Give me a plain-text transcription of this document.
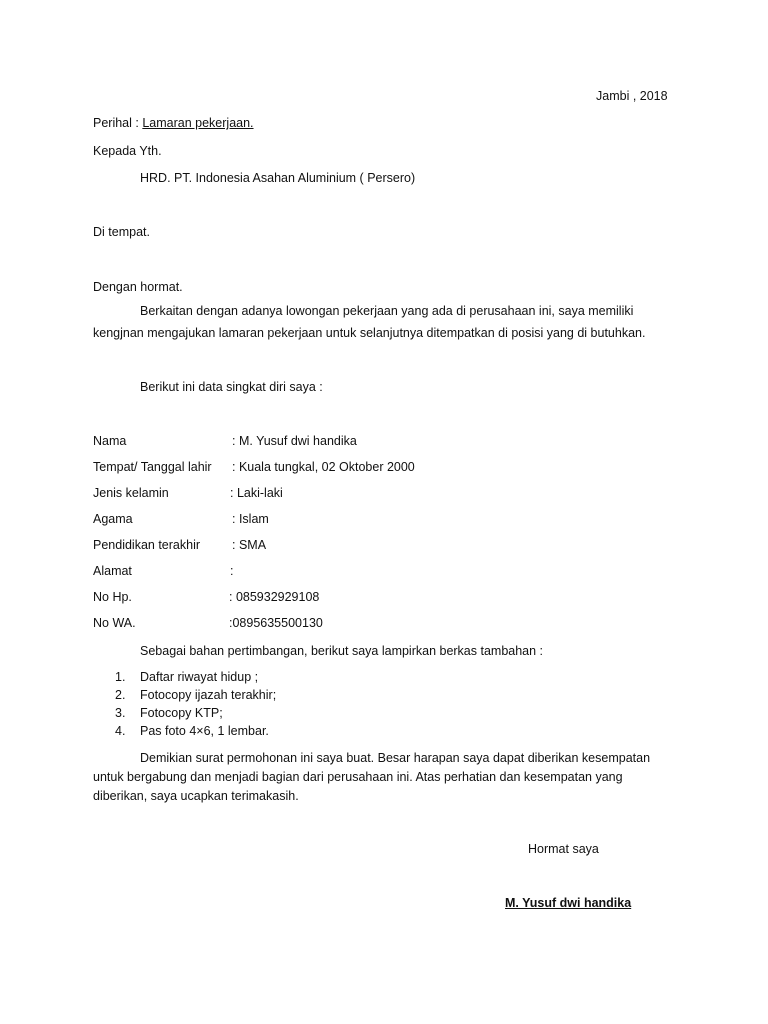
Jambi , 2018
Perihal : Lamaran pekerjaan.
Kepada Yth.
HRD. PT. Indonesia Asahan Aluminium ( Persero)
Di tempat.
Dengan hormat.
Berkaitan dengan adanya lowongan pekerjaan yang ada di perusahaan ini, saya memiliki
kengjnan mengajukan lamaran pekerjaan untuk selanjutnya ditempatkan di posisi yang di butuhkan.
Berikut ini data singkat diri saya :
Nama	: M. Yusuf dwi handika
Tempat/ Tanggal lahir : Kuala tungkal, 02 Oktober 2000
Jenis kelamin	: Laki-laki
Agama	: Islam
Pendidikan terakhir	: SMA
Alamat	:
No Hp.	: 085932929108
No WA.	:0895635500130
Sebagai bahan pertimbangan, berikut saya lampirkan berkas tambahan :
1. Daftar riwayat hidup ;
2. Fotocopy ijazah terakhir;
3. Fotocopy KTP;
4. Pas foto 4×6, 1 lembar.
Demikian surat permohonan ini saya buat. Besar harapan saya dapat diberikan kesempatan
untuk bergabung dan menjadi bagian dari perusahaan ini. Atas perhatian dan kesempatan yang
diberikan, saya ucapkan terimakasih.
Hormat saya
M. Yusuf dwi handika
